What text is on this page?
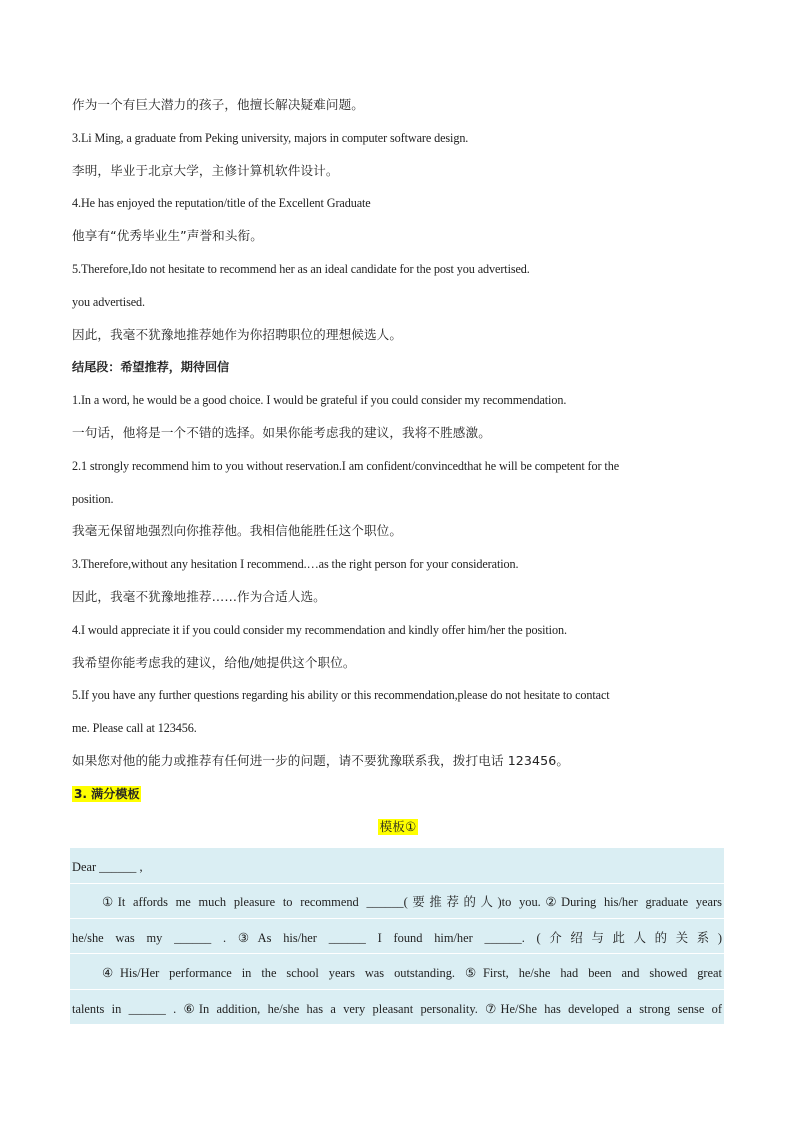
作为一个有巨大潜力的孩子，他擅长解决疑难问题。
3.Li Ming, a graduate from Peking university, majors in computer software design.
李明，毕业于北京大学，主修计算机软件设计。
4.He has enjoyed the reputation/title of the Excellent Graduate
他享有“优秀毕业生”声誉和头衔。
5.Therefore,Ido not hesitate to recommend her as an ideal candidate for the post you advertised.
you advertised.
因此，我毫不犹豫地推荐她作为你招聘职位的理想候选人。
结尾段：希望推荐，期待回信
1.In a word, he would be a good choice. I would be grateful if you could consider my recommendation.
一句话，他将是一个不错的选择。如果你能考虑我的建议，我将不胜感激。
2.1 strongly recommend him to you without reservation.I am confident/convincedthat he will be competent for the
position.
我毫无保留地强烈向你推荐他。我相信他能胜任这个职位。
3.Therefore,without any hesitation I recommend.…as the right person for your consideration.
因此，我毫不犹豫地推荐……作为合适人选。
4.I would appreciate it if you could consider my recommendation and kindly offer him/her the position.
我希望你能考虑我的建议，给他/她提供这个职位。
5.If you have any further questions regarding his ability or this recommendation,please do not hesitate to contact
me. Please call at 123456.
如果您对他的能力或推荐有任何进一步的问题，请不要犹豫联系我，拨打电话 123456。
3. 满分模板
模板①
Dear ______ ,
①It affords me much pleasure to recommend ______(要推荐的人)to you.②During his/her graduate years
he/she was my ______ . ③As his/her ______ I found him/her ______. (介绍与此人的关系)
④His/Her performance in the school years was outstanding. ⑤First, he/she had been and showed great
talents in ______ . ⑥In addition, he/she has a very pleasant personality. ⑦He/She has developed a strong sense of
